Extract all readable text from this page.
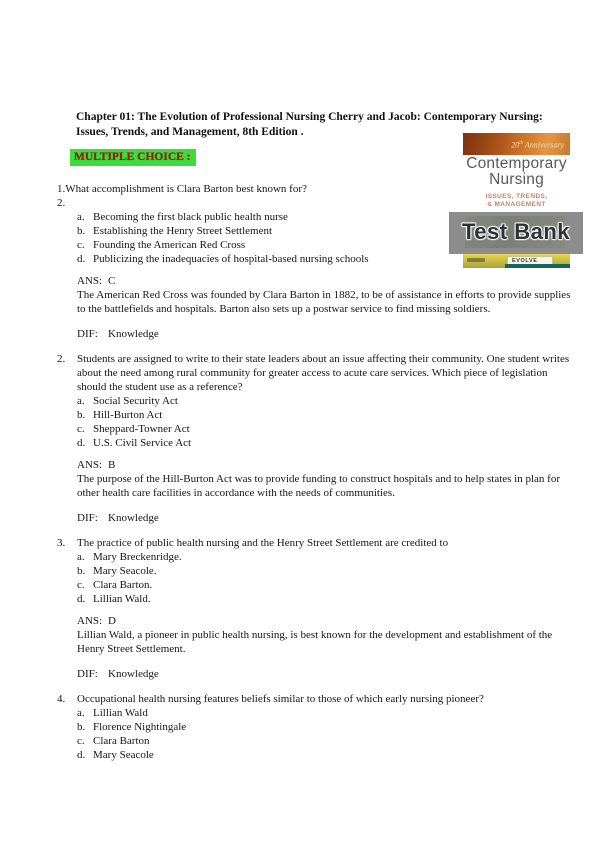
20th Anniversary
Contemporary
Nursing
ISSUES, TRENDS,
& MANAGEMENT
Test Bank
EVOLVE
Chapter 01: The Evolution of Professional Nursing Cherry and Jacob: Contemporary Nursing:
Issues, Trends, and Management, 8th Edition .
MULTIPLE CHOICE :
1. What accomplishment is Clara Barton best known for?
2.
a. Becoming the first black public health nurse
b. Establishing the Henry Street Settlement
c. Founding the American Red Cross
d. Publicizing the inadequacies of hospital-based nursing schools
ANS: C
The American Red Cross was founded by Clara Barton in 1882, to be of assistance in efforts to provide supplies to the battlefields and hospitals. Barton also sets up a postwar service to find missing soldiers.
DIF: Knowledge
2.	Students are assigned to write to their state leaders about an issue affecting their community. One student writes about the need among rural community for greater access to acute care services. Which piece of legislation should the student use as a reference?
a. Social Security Act
b. Hill-Burton Act
c. Sheppard-Towner Act
d. U.S. Civil Service Act
ANS: B
The purpose of the Hill-Burton Act was to provide funding to construct hospitals and to help states in plan for other health care facilities in accordance with the needs of communities.
DIF: Knowledge
3.	The practice of public health nursing and the Henry Street Settlement are credited to
a. Mary Breckenridge.
b. Mary Seacole.
c. Clara Barton.
d. Lillian Wald.
ANS: D
Lillian Wald, a pioneer in public health nursing, is best known for the development and establishment of the Henry Street Settlement.
DIF: Knowledge
4.	Occupational health nursing features beliefs similar to those of which early nursing pioneer?
a. Lillian Wald
b. Florence Nightingale
c. Clara Barton
d. Mary Seacole
